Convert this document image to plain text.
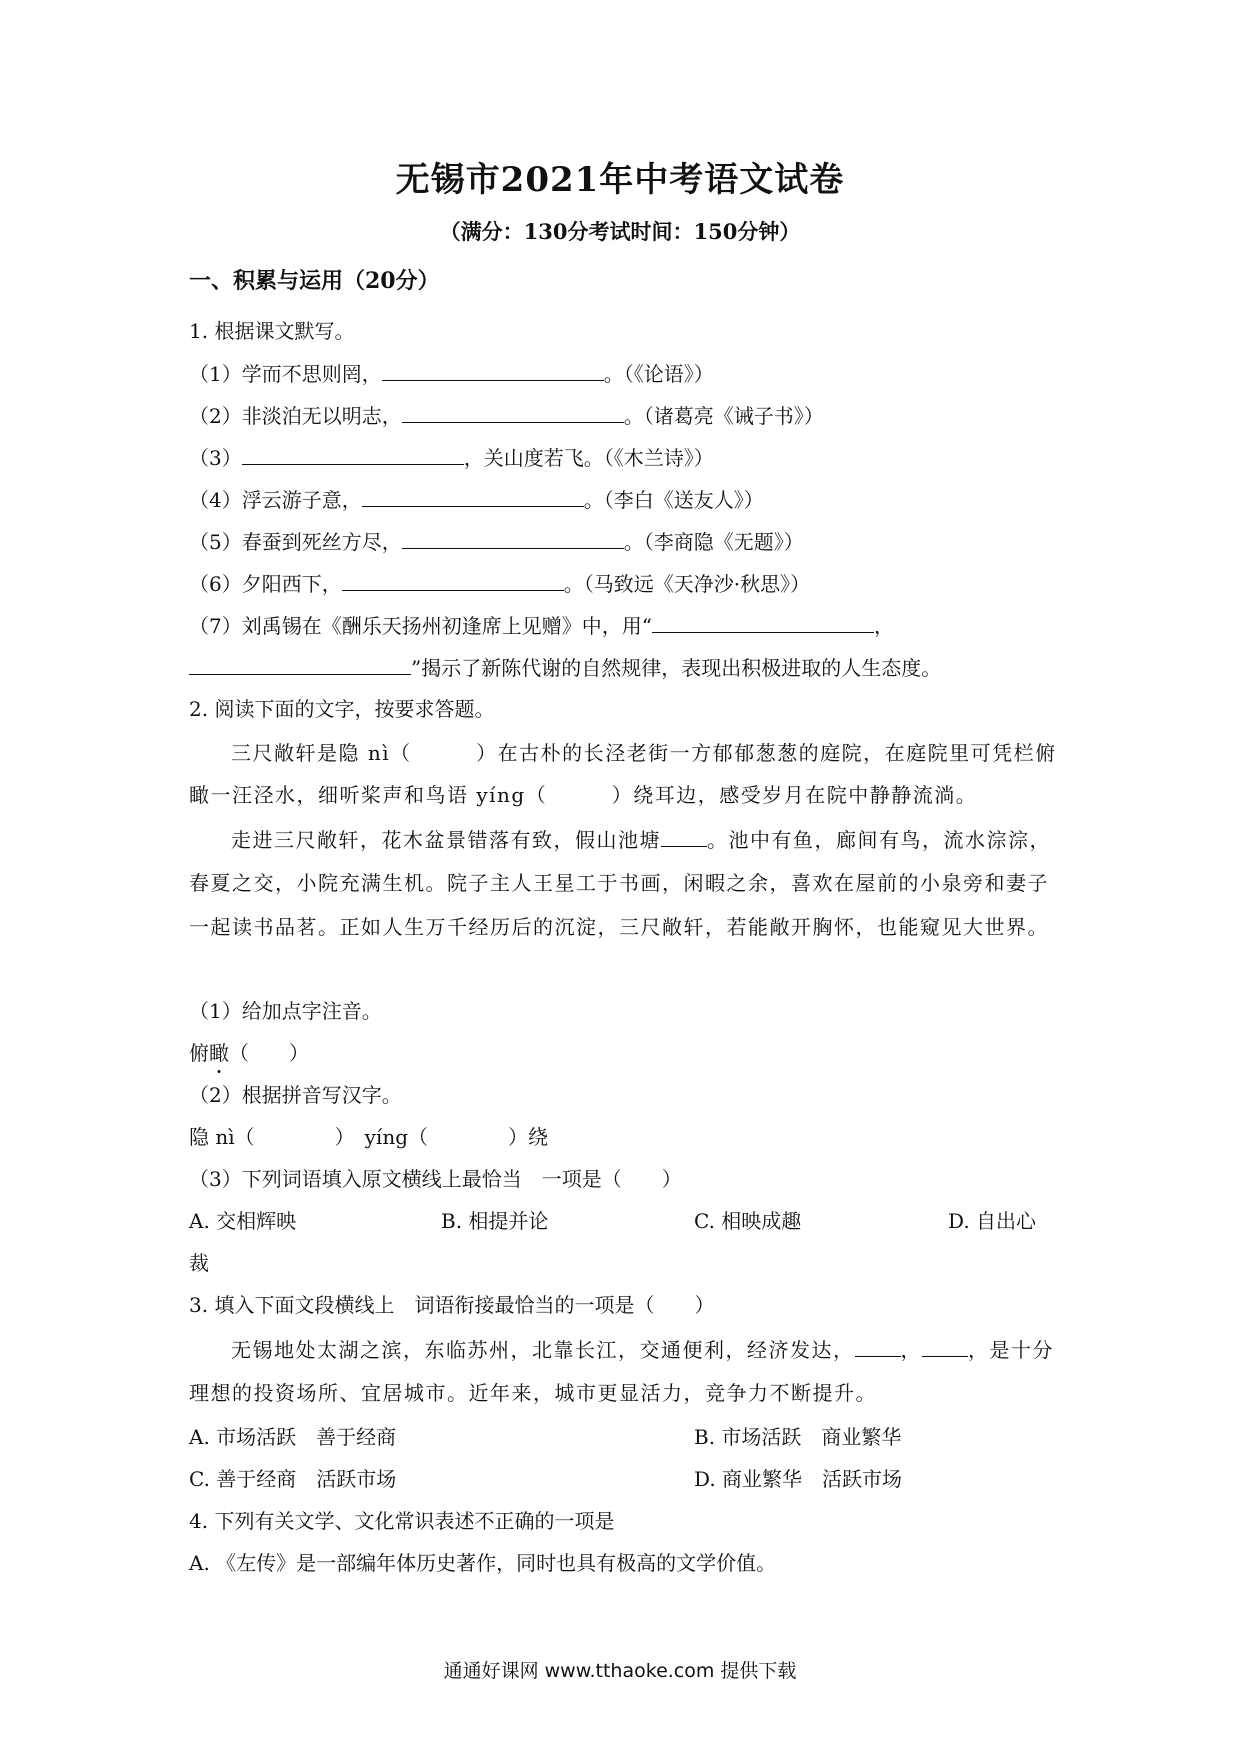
无锡市2021年中考语文试卷
（满分：130分考试时间：150分钟）
一、积累与运用（20分）
1. 根据课文默写。
（1）学而不思则罔，	。（《论语》）
（2）非淡泊无以明志，	。（诸葛亮《诫子书》）
（3）	，关山度若飞。（《木兰诗》）
（4）浮云游子意，	。（李白《送友人》）
（5）春蚕到死丝方尽，	。（李商隐《无题》）
（6）夕阳西下，	。（马致远《天净沙·秋思》）
（7）刘禹锡在《酬乐天扬州初逢席上见赠》中，用“	，
”揭示了新陈代谢的自然规律，表现出积极进取的人生态度。
2. 阅读下面的文字，按要求答题。
三尺敞轩是隐 nì（　　　）在古朴的长泾老街一方郁郁葱葱的庭院，在庭院里可凭栏俯
瞰一汪泾水，细听桨声和鸟语 yíng（　　　）绕耳边，感受岁月在院中静静流淌。
走进三尺敞轩，花木盆景错落有致，假山池塘 。池中有鱼，廊间有鸟，流水淙淙，
春夏之交，小院充满生机。院子主人王星工于书画，闲暇之余，喜欢在屋前的小泉旁和妻子
一起读书品茗。正如人生万千经历后的沉淀，三尺敞轩，若能敞开胸怀，也能窥见大世界。
（1）给加点字注音。
俯瞰（　　）
（2）根据拼音写汉字。
隐 nì（　　　　）　yíng（　　　　）绕
（3）下列词语填入原文横线上最恰当　一项是（　　）
A. 交相辉映	B. 相提并论	C. 相映成趣	D. 自出心
裁
3. 填入下面文段横线上　词语衔接最恰当的一项是（　　）
无锡地处太湖之滨，东临苏州，北靠长江，交通便利，经济发达， ， ，是十分
理想的投资场所、宜居城市。近年来，城市更显活力，竞争力不断提升。
A. 市场活跃　善于经商	B. 市场活跃　商业繁华
C. 善于经商　活跃市场	D. 商业繁华　活跃市场
4. 下列有关文学、文化常识表述不正确的一项是
A. 《左传》是一部编年体历史著作，同时也具有极高的文学价值。
通通好课网 www.tthaoke.com 提供下载
